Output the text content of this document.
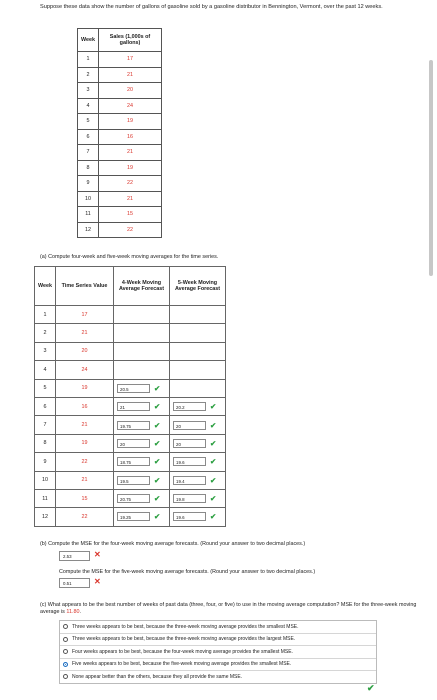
Suppose these data show the number of gallons of gasoline sold by a gasoline distributor in Bennington, Vermont, over the past 12 weeks.
Week	Sales (1,000s of gallons)
1	17
2	21
3	20
4	24
5	19
6	16
7	21
8	19
9	22
10	21
11	15
12	22
(a) Compute four-week and five-week moving averages for the time series.
Week	Time Series Value	4-Week Moving Average Forecast	5-Week Moving Average Forecast
1	17		
2	21		
3	20		
4	24		
5	19	20.5 ✔	

6	16	21 ✔	20.2 ✔

7	21	19.75 ✔	20 ✔

8	19	20 ✔	20 ✔

9	22	18.75 ✔	19.6 ✔

10	21	19.5 ✔	19.4 ✔

11	15	20.75 ✔	19.8 ✔

12	22	19.25 ✔	19.6 ✔
(b) Compute the MSE for the four-week moving average forecasts. (Round your answer to two decimal places.)
2.53	✕
Compute the MSE for the five-week moving average forecasts. (Round your answer to two decimal places.)
0.51	✕
(c) What appears to be the best number of weeks of past data (three, four, or five) to use in the moving average computation? MSE for the three-week moving average is 11.80.
Three weeks appears to be best, because the three-week moving average provides the smallest MSE.
Three weeks appears to be best, because the three-week moving average provides the largest MSE.
Four weeks appears to be best, because the four-week moving average provides the smallest MSE.
Five weeks appears to be best, because the five-week moving average provides the smallest MSE.
None appear better than the others, because they all provide the same MSE.
✔
